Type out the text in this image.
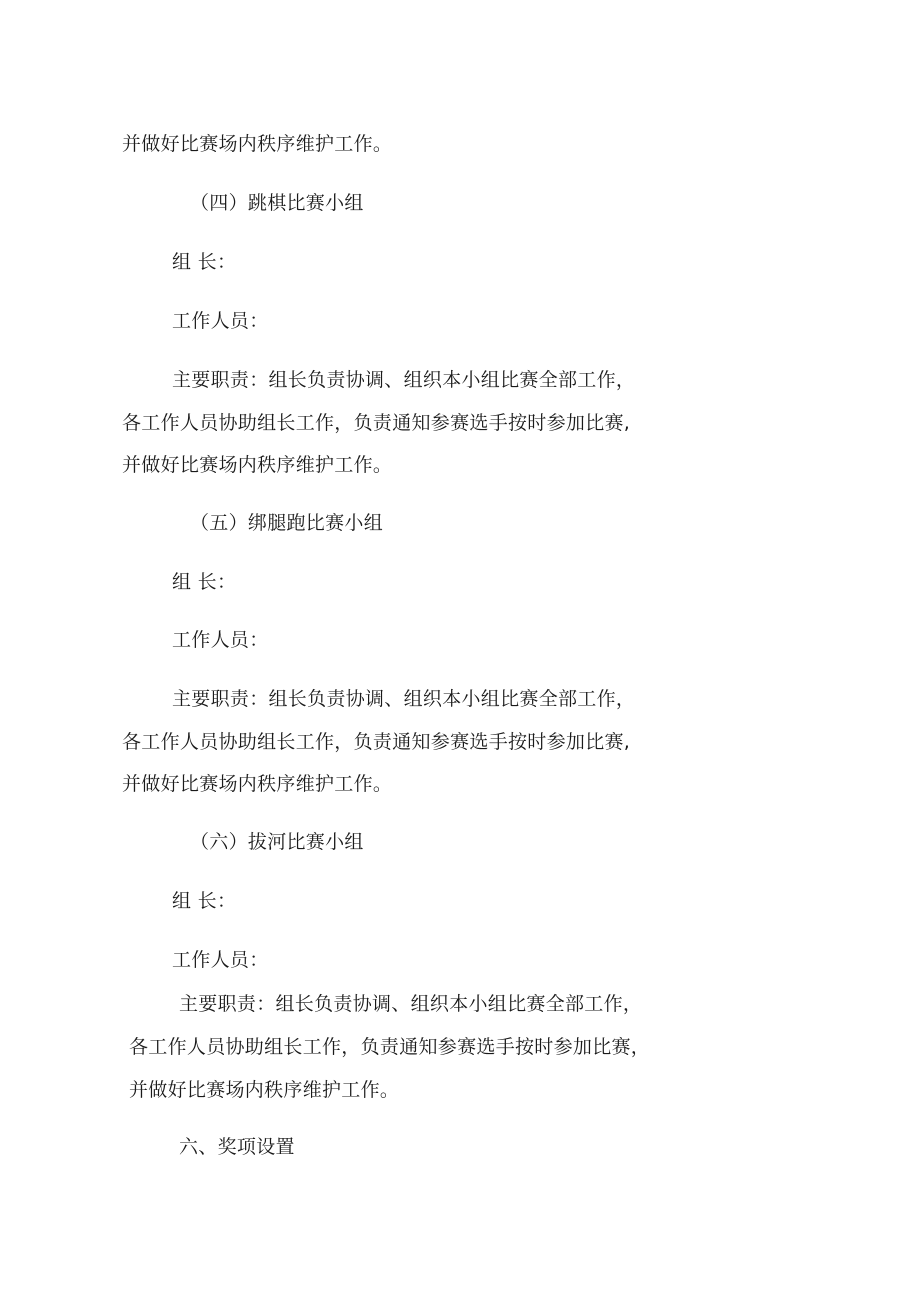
并做好比赛场内秩序维护工作。
（四）跳棋比赛小组
组 长：
工作人员：
主要职责：组长负责协调、组织本小组比赛全部工作，
各工作人员协助组长工作，负责通知参赛选手按时参加比赛,
并做好比赛场内秩序维护工作。
（五）绑腿跑比赛小组
组 长：
工作人员：
主要职责：组长负责协调、组织本小组比赛全部工作，
各工作人员协助组长工作，负责通知参赛选手按时参加比赛,
并做好比赛场内秩序维护工作。
（六）拔河比赛小组
组 长：
工作人员：
主要职责：组长负责协调、组织本小组比赛全部工作，
各工作人员协助组长工作，负责通知参赛选手按时参加比赛，
并做好比赛场内秩序维护工作。
六、奖项设置
